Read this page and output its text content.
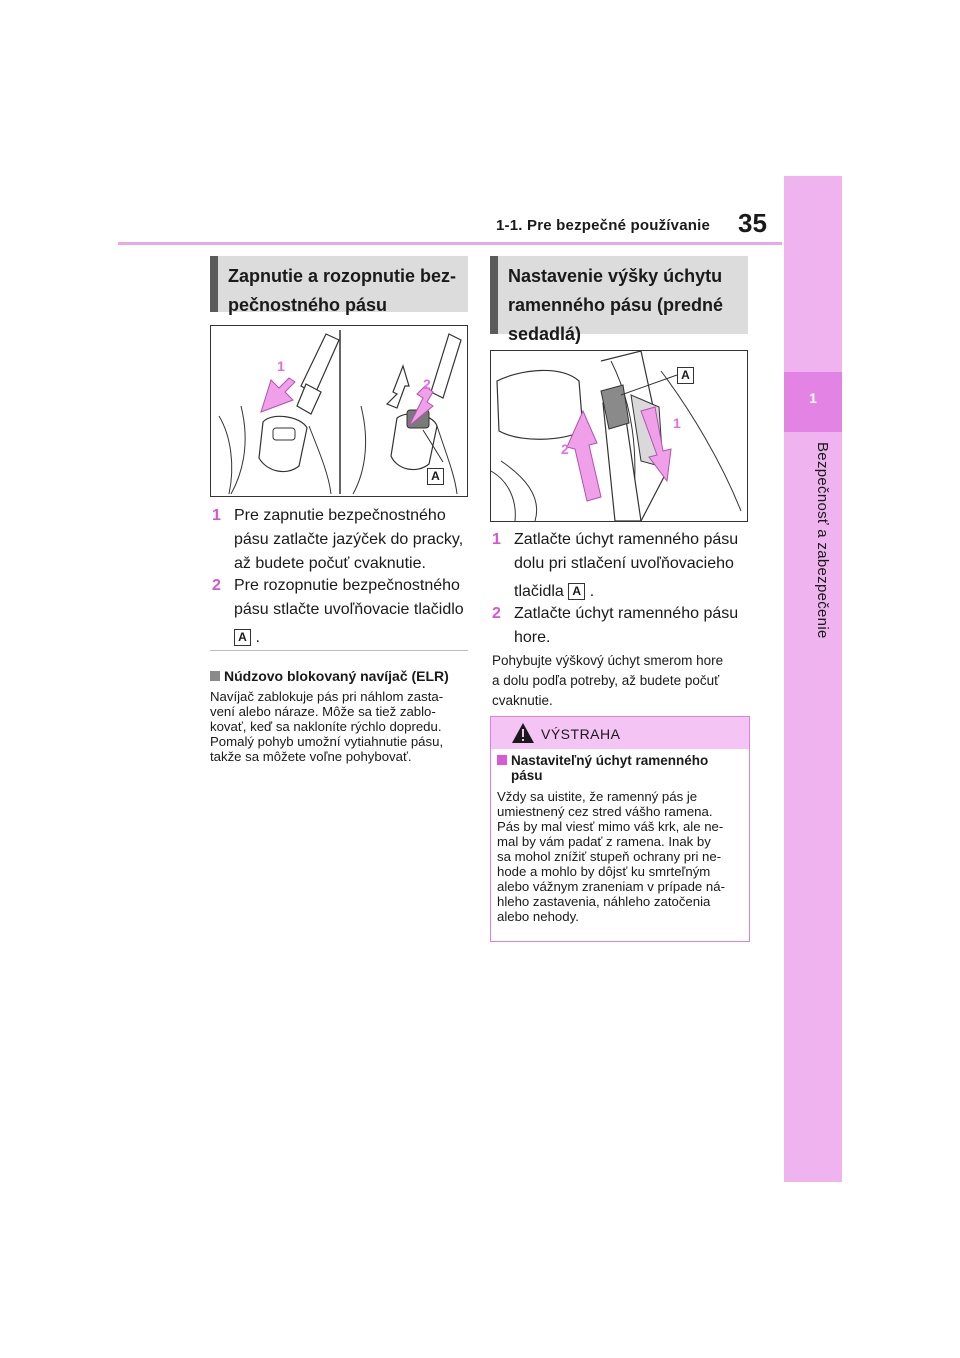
1-1. Pre bezpečné používanie 35
1
Bezpečnosť a zabezpečenie
Zapnutie a rozopnutie bez-
pečnostného pásu
1
2
A
1 Pre zapnutie bezpečnostného
pásu zatlačte jazýček do pracky,
až budete počuť cvaknutie.
2 Pre rozopnutie bezpečnostného
pásu stlačte uvoľňovacie tlačidlo
A .
Núdzovo blokovaný navíjač (ELR)
Navíjač zablokuje pás pri náhlom zasta-
vení alebo náraze. Môže sa tiež zablo-
kovať, keď sa nakloníte rýchlo dopredu.
Pomalý pohyb umožní vytiahnutie pásu,
takže sa môžete voľne pohybovať.
Nastavenie výšky úchytu
ramenného pásu (predné
sedadlá)
A
1
2
1 Zatlačte úchyt ramenného pásu
dolu pri stlačení uvoľňovacieho
tlačidla A .
2 Zatlačte úchyt ramenného pásu
hore.
Pohybujte výškový úchyt smerom hore
a dolu podľa potreby, až budete počuť
cvaknutie.
VÝSTRAHA
Nastaviteľný úchyt ramenného
pásu
Vždy sa uistite, že ramenný pás je
umiestnený cez stred vášho ramena.
Pás by mal viesť mimo váš krk, ale ne-
mal by vám padať z ramena. Inak by
sa mohol znížiť stupeň ochrany pri ne-
hode a mohlo by dôjsť ku smrteľným
alebo vážnym zraneniam v prípade ná-
hleho zastavenia, náhleho zatočenia
alebo nehody.
